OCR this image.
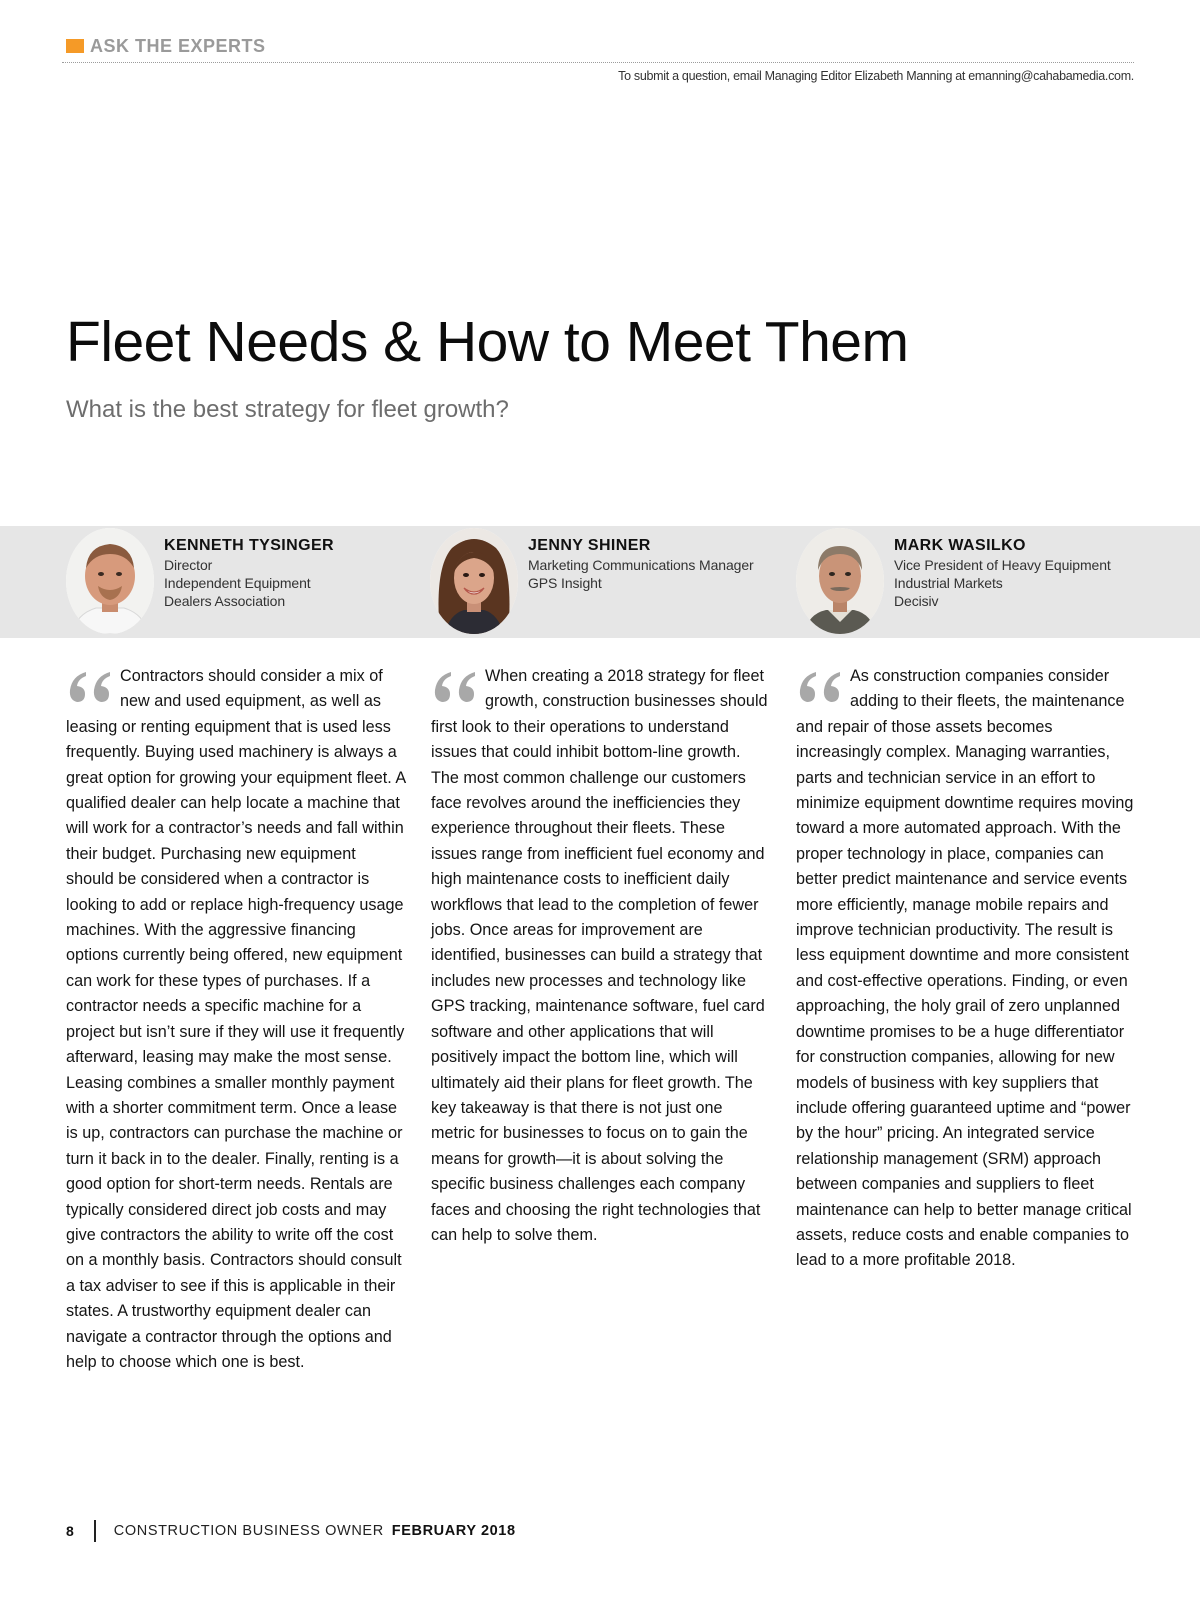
ASK THE EXPERTS
To submit a question, email Managing Editor Elizabeth Manning at emanning@cahabamedia.com.
Fleet Needs & How to Meet Them
What is the best strategy for fleet growth?
KENNETH TYSINGER
Director
Independent Equipment
Dealers Association
JENNY SHINER
Marketing Communications Manager
GPS Insight
MARK WASILKO
Vice President of Heavy Equipment
Industrial Markets
Decisiv

Contractors should consider a mix of new and used equipment, as well as leasing or renting equipment that is used less frequently. Buying used machinery is always a great option for growing your equipment fleet. A qualified dealer can help locate a machine that will work for a contractor’s needs and fall within their budget. Purchasing new equipment should be considered when a contractor is looking to add or replace high-frequency usage machines. With the aggressive financing options currently being offered, new equipment can work for these types of purchases. If a contractor needs a specific machine for a project but isn’t sure if they will use it frequently afterward, leasing may make the most sense. Leasing combines a smaller monthly payment with a shorter commitment term. Once a lease is up, contractors can purchase the machine or turn it back in to the dealer. Finally, renting is a good option for short-term needs. Rentals are typically considered direct job costs and may give contractors the ability to write off the cost on a monthly basis. Contractors should consult a tax adviser to see if this is applicable in their states. A trustworthy equipment dealer can navigate a contractor through the options and help to choose which one is best.

When creating a 2018 strategy for fleet growth, construction businesses should first look to their operations to understand issues that could inhibit bottom-line growth. The most common challenge our customers face revolves around the inefficiencies they experience throughout their fleets. These issues range from inefficient fuel economy and high maintenance costs to inefficient daily workflows that lead to the completion of fewer jobs. Once areas for improvement are identified, businesses can build a strategy that includes new processes and technology like GPS tracking, maintenance software, fuel card software and other applications that will positively impact the bottom line, which will ultimately aid their plans for fleet growth. The key takeaway is that there is not just one metric for businesses to focus on to gain the means for growth—it is about solving the specific business challenges each company faces and choosing the right technologies that can help to solve them.

As construction companies consider adding to their fleets, the maintenance and repair of those assets becomes increasingly complex. Managing warranties, parts and technician service in an effort to minimize equipment downtime requires moving toward a more automated approach. With the proper technology in place, companies can better predict maintenance and service events more efficiently, manage mobile repairs and improve technician productivity. The result is less equipment downtime and more consistent and cost-effective operations. Finding, or even approaching, the holy grail of zero unplanned downtime promises to be a huge differentiator for construction companies, allowing for new models of business with key suppliers that include offering guaranteed uptime and “power by the hour” pricing. An integrated service relationship management (SRM) approach between companies and suppliers to fleet maintenance can help to better manage critical assets, reduce costs and enable companies to lead to a more profitable 2018.

8	CONSTRUCTION BUSINESS OWNER FEBRUARY 2018
